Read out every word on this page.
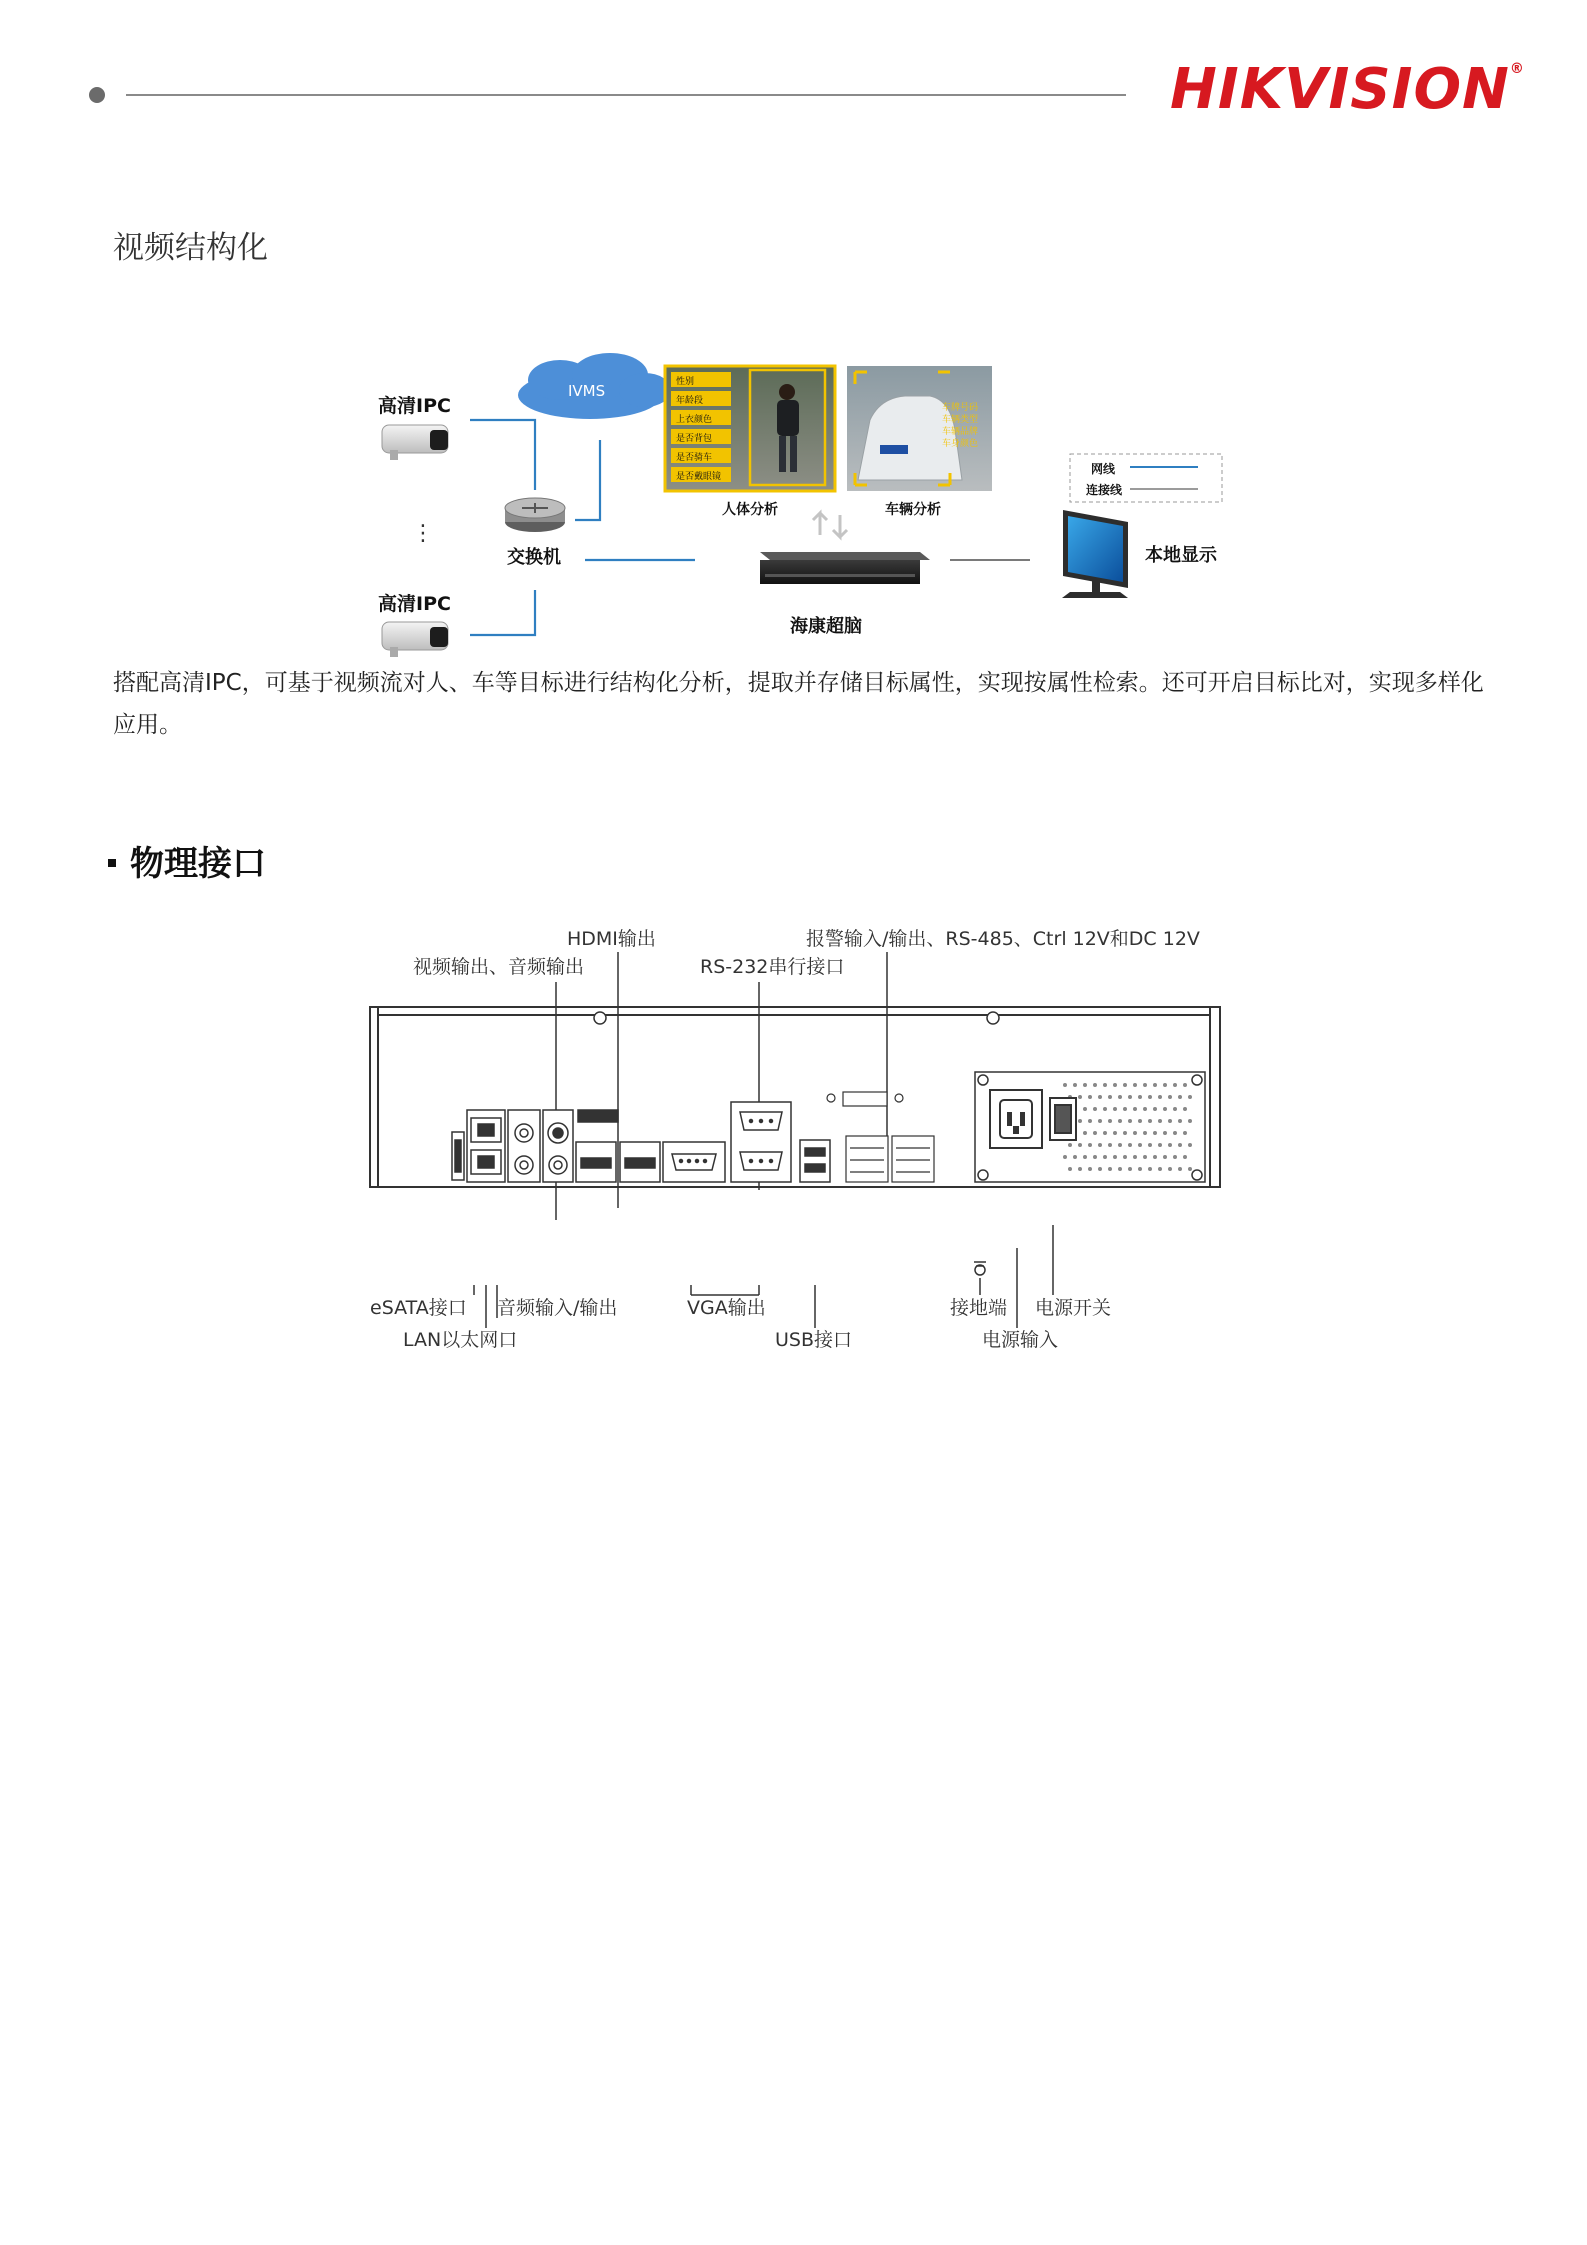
HIKVISION®
视频结构化
高清IPC
⋮
高清IPC
IVMS
交换机
性别
年龄段
上衣颜色
是否背包
是否骑车
是否戴眼镜
人体分析
车牌号码
车辆类型
车辆品牌
车身颜色
车辆分析
海康超脑
网线
连接线
本地显示
搭配高清IPC，可基于视频流对人、车等目标进行结构化分析，提取并存储目标属性，实现按属性检索。还可开启目标比对，实现多样化应用。
物理接口
HDMI输出
视频输出、音频输出	RS-232串行接口
报警输入/输出、RS-485、Ctrl 12V和DC 12V
eSATA接口 音频输入/输出
LAN以太网口
VGA输出
USB接口
接地端 电源开关
电源输入
